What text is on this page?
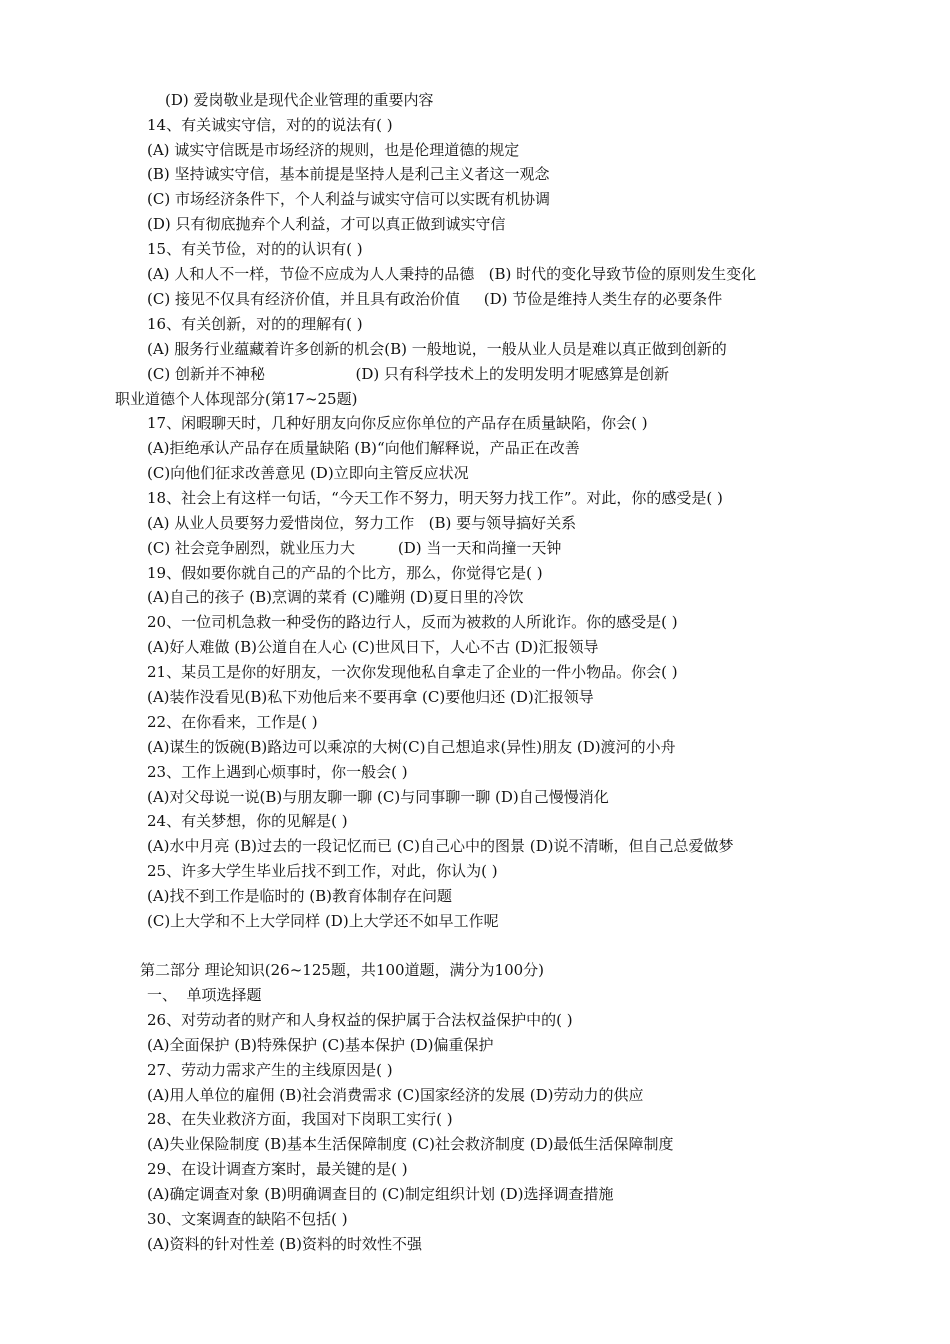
(D) 爱岗敬业是现代企业管理的重要内容
14、有关诚实守信，对的的说法有( )
(A) 诚实守信既是市场经济的规则，也是伦理道德的规定
(B) 坚持诚实守信，基本前提是坚持人是利己主义者这一观念
(C) 市场经济条件下，个人利益与诚实守信可以实既有机协调
(D) 只有彻底抛弃个人利益，才可以真正做到诚实守信
15、有关节俭，对的的认识有( )
(A) 人和人不一样，节俭不应成为人人秉持的品德   (B) 时代的变化导致节俭的原则发生变化
(C) 接见不仅具有经济价值，并且具有政治价值     (D) 节俭是维持人类生存的必要条件
16、有关创新，对的的理解有( )
(A) 服务行业蕴藏着许多创新的机会(B) 一般地说，一般从业人员是难以真正做到创新的
(C) 创新并不神秘                   (D) 只有科学技术上的发明发明才呢感算是创新
职业道德个人体现部分(第17~25题)
17、闲暇聊天时，几种好朋友向你反应你单位的产品存在质量缺陷，你会( )
(A)拒绝承认产品存在质量缺陷 (B)“向他们解释说，产品正在改善
(C)向他们征求改善意见 (D)立即向主管反应状况
18、社会上有这样一句话，“今天工作不努力，明天努力找工作”。对此，你的感受是( )
(A) 从业人员要努力爱惜岗位，努力工作   (B) 要与领导搞好关系
(C) 社会竞争剧烈，就业压力大         (D) 当一天和尚撞一天钟
19、假如要你就自己的产品的个比方，那么，你觉得它是( )
(A)自己的孩子 (B)烹调的菜肴 (C)雕朔 (D)夏日里的冷饮
20、一位司机急救一种受伤的路边行人，反而为被救的人所讹诈。你的感受是( )
(A)好人难做 (B)公道自在人心 (C)世风日下，人心不古 (D)汇报领导
21、某员工是你的好朋友，一次你发现他私自拿走了企业的一件小物品。你会( )
(A)装作没看见(B)私下劝他后来不要再拿 (C)要他归还 (D)汇报领导
22、在你看来，工作是( )
(A)谋生的饭碗(B)路边可以乘凉的大树(C)自己想追求(异性)朋友 (D)渡河的小舟
23、工作上遇到心烦事时，你一般会( )
(A)对父母说一说(B)与朋友聊一聊 (C)与同事聊一聊 (D)自己慢慢消化
24、有关梦想，你的见解是( )
(A)水中月亮 (B)过去的一段记忆而已 (C)自己心中的图景 (D)说不清晰，但自己总爱做梦
25、许多大学生毕业后找不到工作，对此，你认为( )
(A)找不到工作是临时的 (B)教育体制存在问题
(C)上大学和不上大学同样 (D)上大学还不如早工作呢
第二部分 理论知识(26~125题，共100道题，满分为100分)
一、  单项选择题
26、对劳动者的财产和人身权益的保护属于合法权益保护中的( )
(A)全面保护 (B)特殊保护 (C)基本保护 (D)偏重保护
27、劳动力需求产生的主线原因是( )
(A)用人单位的雇佣 (B)社会消费需求 (C)国家经济的发展 (D)劳动力的供应
28、在失业救济方面，我国对下岗职工实行( )
(A)失业保险制度 (B)基本生活保障制度 (C)社会救济制度 (D)最低生活保障制度
29、在设计调查方案时，最关键的是( )
(A)确定调查对象 (B)明确调查目的 (C)制定组织计划 (D)选择调查措施
30、文案调查的缺陷不包括( )
(A)资料的针对性差 (B)资料的时效性不强
